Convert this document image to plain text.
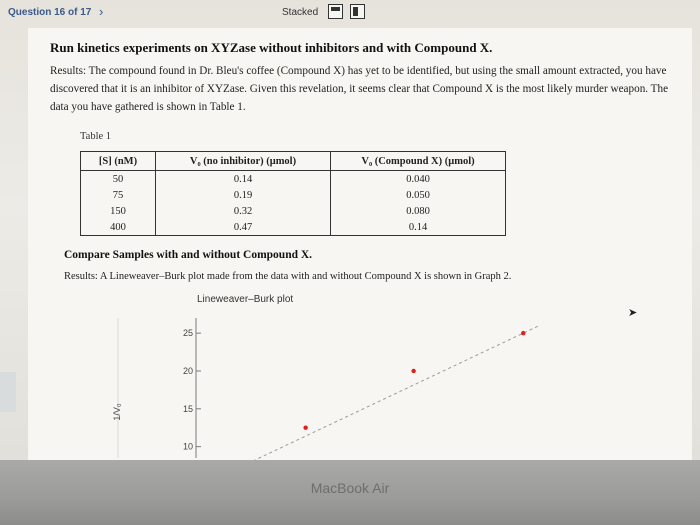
Question 16 of 17 ›	Stacked
Run kinetics experiments on XYZase without inhibitors and with Compound X.
Results: The compound found in Dr. Bleu's coffee (Compound X) has yet to be identified, but using the small amount extracted, you have discovered that it is an inhibitor of XYZase. Given this revelation, it seems clear that Compound X is the most likely murder weapon. The data you have gathered is shown in Table 1.
Table 1
[S] (nM)	V₀ (no inhibitor) (μmol)	V₀ (Compound X) (μmol)
50	0.14	0.040
75	0.19	0.050
150	0.32	0.080
400	0.47	0.14
Compare Samples with and without Compound X.
Results: A Lineweaver–Burk plot made from the data with and without Compound X is shown in Graph 2.
Lineweaver–Burk plot
10
15
20
25
1/V₀
➤
MacBook Air
